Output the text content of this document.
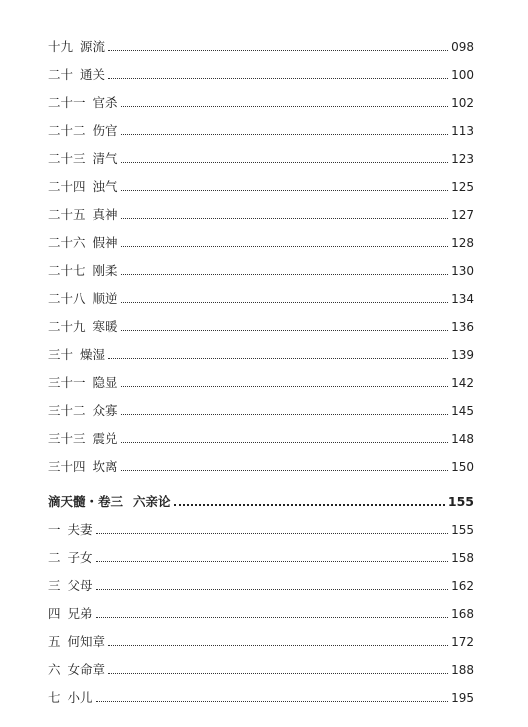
十九 源流	098
二十 通关	100
二十一 官杀	102
二十二 伤官	113
二十三 清气	123
二十四 浊气	125
二十五 真神	127
二十六 假神	128
二十七 刚柔	130
二十八 顺逆	134
二十九 寒暖	136
三十 燥湿	139
三十一 隐显	142
三十二 众寡	145
三十三 震兑	148
三十四 坎离	150
滴天髓・卷三 六亲论	155
一 夫妻	155
二 子女	158
三 父母	162
四 兄弟	168
五 何知章	172
六 女命章	188
七 小儿	195
